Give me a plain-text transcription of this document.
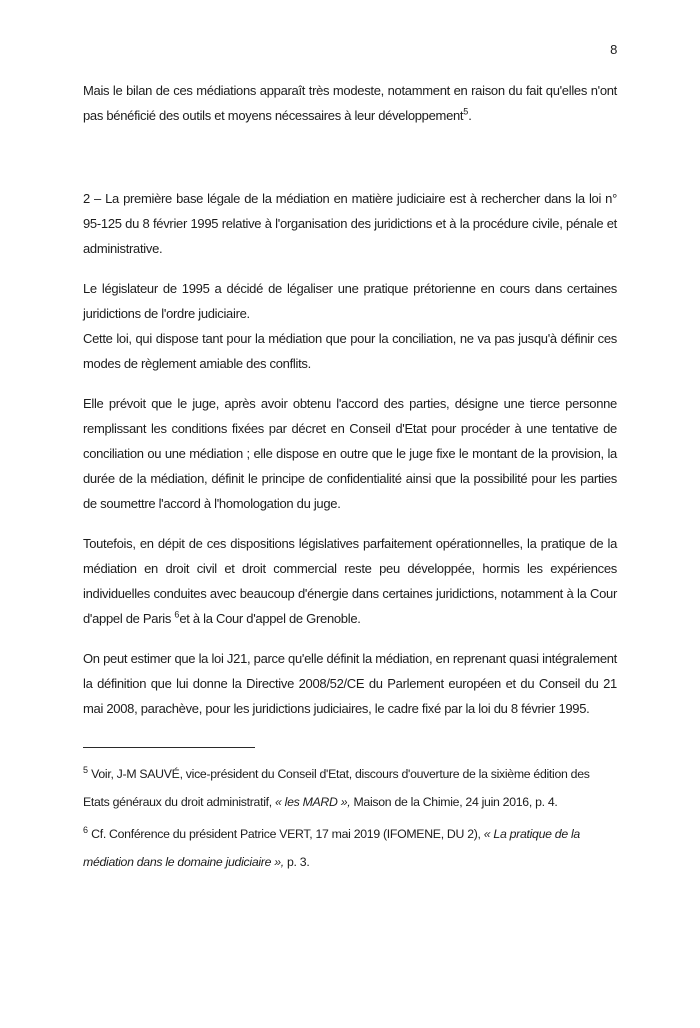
8

Mais le bilan de ces médiations apparaît très modeste, notamment en raison du fait qu'elles n'ont pas bénéficié des outils et moyens nécessaires à leur développement$^5$.

2 – La première base légale de la médiation en matière judiciaire est à rechercher dans la loi n° 95-125 du 8 février 1995 relative à l'organisation des juridictions et à la procédure civile, pénale et administrative.

Le législateur de 1995 a décidé de légaliser une pratique prétorienne en cours dans certaines juridictions de l'ordre judiciaire.
Cette loi, qui dispose tant pour la médiation que pour la conciliation, ne va pas jusqu'à définir ces modes de règlement amiable des conflits.

Elle prévoit que le juge, après avoir obtenu l'accord des parties, désigne une tierce personne remplissant les conditions fixées par décret en Conseil d'Etat pour procéder à une tentative de conciliation ou une médiation ; elle dispose en outre que le juge fixe le montant de la provision, la durée de la médiation, définit le principe de confidentialité ainsi que la possibilité pour les parties de soumettre l'accord à l'homologation du juge.

Toutefois, en dépit de ces dispositions législatives parfaitement opérationnelles, la pratique de la médiation en droit civil et droit commercial reste peu développée, hormis les expériences individuelles conduites avec beaucoup d'énergie dans certaines juridictions, notamment à la Cour d'appel de Paris $^6$et à la Cour d'appel de Grenoble.

On peut estimer que la loi J21, parce qu'elle définit la médiation, en reprenant quasi intégralement la définition que lui donne la Directive 2008/52/CE du Parlement européen et du Conseil du 21 mai 2008, parachève, pour les juridictions judiciaires, le cadre fixé par la loi du 8 février 1995.

$^5$ Voir, J-M SAUVÉ, vice-président du Conseil d'Etat, discours d'ouverture de la sixième édition des Etats généraux du droit administratif, « les MARD », Maison de la Chimie, 24 juin 2016, p. 4.

$^6$ Cf. Conférence du président Patrice VERT, 17 mai 2019 (IFOMENE, DU 2), « La pratique de la médiation dans le domaine judiciaire », p. 3.
